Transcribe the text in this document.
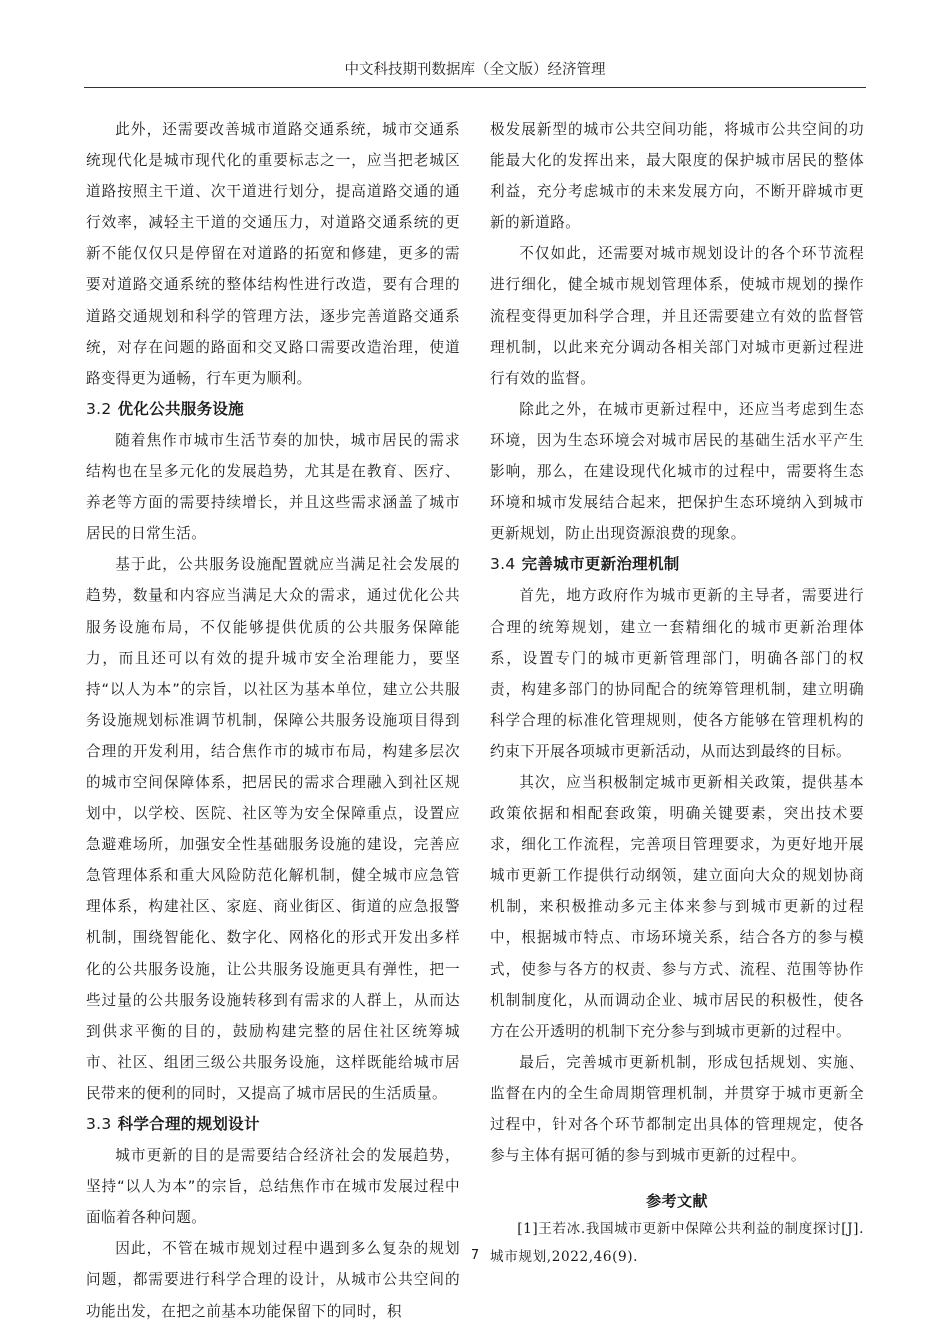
中文科技期刊数据库（全文版）经济管理

此外，还需要改善城市道路交通系统，城市交通系统现代化是城市现代化的重要标志之一，应当把老城区道路按照主干道、次干道进行划分，提高道路交通的通行效率，减轻主干道的交通压力，对道路交通系统的更新不能仅仅只是停留在对道路的拓宽和修建，更多的需要对道路交通系统的整体结构性进行改造，要有合理的道路交通规划和科学的管理方法，逐步完善道路交通系统，对存在问题的路面和交叉路口需要改造治理，使道路变得更为通畅，行车更为顺利。

3.2 优化公共服务设施

随着焦作市城市生活节奏的加快，城市居民的需求结构也在呈多元化的发展趋势，尤其是在教育、医疗、养老等方面的需要持续增长，并且这些需求涵盖了城市居民的日常生活。

基于此，公共服务设施配置就应当满足社会发展的趋势，数量和内容应当满足大众的需求，通过优化公共服务设施布局，不仅能够提供优质的公共服务保障能力，而且还可以有效的提升城市安全治理能力，要坚持“以人为本”的宗旨，以社区为基本单位，建立公共服务设施规划标准调节机制，保障公共服务设施项目得到合理的开发利用，结合焦作市的城市布局，构建多层次的城市空间保障体系，把居民的需求合理融入到社区规划中，以学校、医院、社区等为安全保障重点，设置应急避难场所，加强安全性基础服务设施的建设，完善应急管理体系和重大风险防范化解机制，健全城市应急管理体系，构建社区、家庭、商业街区、街道的应急报警机制，围绕智能化、数字化、网格化的形式开发出多样化的公共服务设施，让公共服务设施更具有弹性，把一些过量的公共服务设施转移到有需求的人群上，从而达到供求平衡的目的，鼓励构建完整的居住社区统筹城市、社区、组团三级公共服务设施，这样既能给城市居民带来的便利的同时，又提高了城市居民的生活质量。

3.3 科学合理的规划设计

城市更新的目的是需要结合经济社会的发展趋势，坚持“以人为本”的宗旨，总结焦作市在城市发展过程中面临着各种问题。

因此，不管在城市规划过程中遇到多么复杂的规划问题，都需要进行科学合理的设计，从城市公共空间的功能出发，在把之前基本功能保留下的同时，积

极发展新型的城市公共空间功能，将城市公共空间的功能最大化的发挥出来，最大限度的保护城市居民的整体利益，充分考虑城市的未来发展方向，不断开辟城市更新的新道路。

不仅如此，还需要对城市规划设计的各个环节流程进行细化，健全城市规划管理体系，使城市规划的操作流程变得更加科学合理，并且还需要建立有效的监督管理机制，以此来充分调动各相关部门对城市更新过程进行有效的监督。

除此之外，在城市更新过程中，还应当考虑到生态环境，因为生态环境会对城市居民的基础生活水平产生影响，那么，在建设现代化城市的过程中，需要将生态环境和城市发展结合起来，把保护生态环境纳入到城市更新规划，防止出现资源浪费的现象。

3.4 完善城市更新治理机制

首先，地方政府作为城市更新的主导者，需要进行合理的统筹规划，建立一套精细化的城市更新治理体系，设置专门的城市更新管理部门，明确各部门的权责，构建多部门的协同配合的统筹管理机制，建立明确科学合理的标准化管理规则，使各方能够在管理机构的约束下开展各项城市更新活动，从而达到最终的目标。

其次，应当积极制定城市更新相关政策，提供基本政策依据和相配套政策，明确关键要素，突出技术要求，细化工作流程，完善项目管理要求，为更好地开展城市更新工作提供行动纲领，建立面向大众的规划协商机制，来积极推动多元主体来参与到城市更新的过程中，根据城市特点、市场环境关系，结合各方的参与模式，使参与各方的权责、参与方式、流程、范围等协作机制制度化，从而调动企业、城市居民的积极性，使各方在公开透明的机制下充分参与到城市更新的过程中。

最后，完善城市更新机制，形成包括规划、实施、监督在内的全生命周期管理机制，并贯穿于城市更新全过程中，针对各个环节都制定出具体的管理规定，使各参与主体有据可循的参与到城市更新的过程中。

参考文献

[1]王若冰.我国城市更新中保障公共利益的制度探讨[J].城市规划,2022,46(9).

7
